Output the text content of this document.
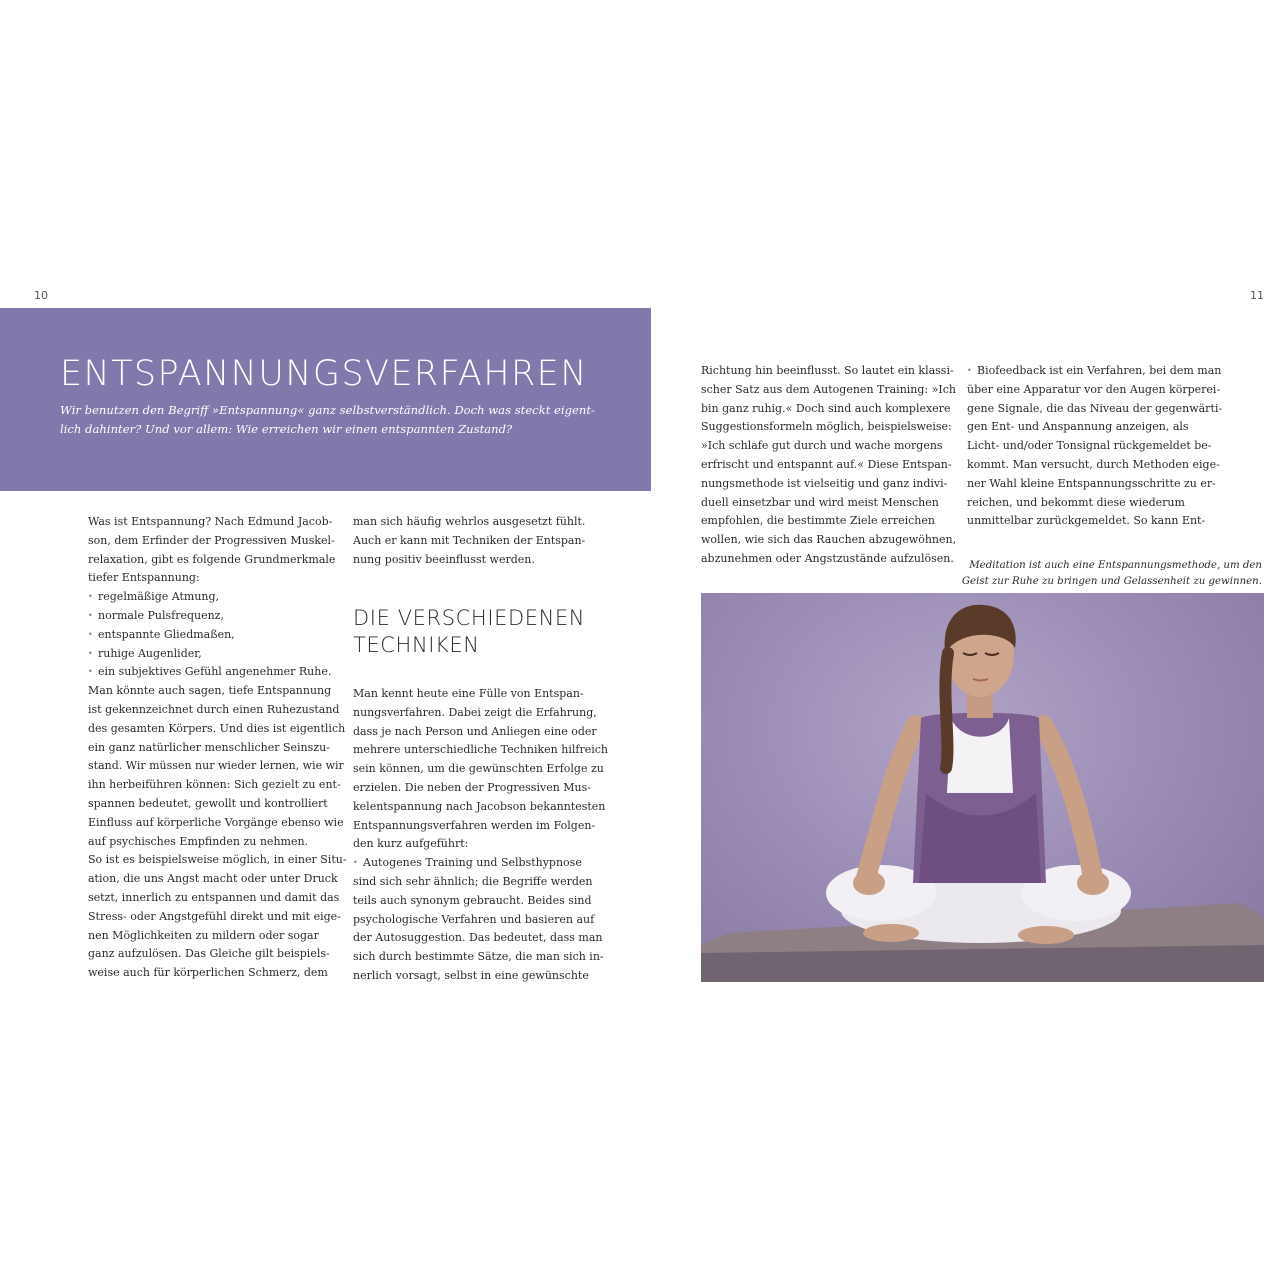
10	11
ENTSPANNUNGSVERFAHREN
Wir benutzen den Begriff »Entspannung« ganz selbstverständlich. Doch was steckt eigent-
lich dahinter? Und vor allem: Wie erreichen wir einen entspannten Zustand?
Was ist Entspannung? Nach Edmund Jacob-
son, dem Erfinder der Progressiven Muskel-
relaxation, gibt es folgende Grundmerkmale
tiefer Entspannung:
• regelmäßige Atmung,
• normale Pulsfrequenz,
• entspannte Gliedmaßen,
• ruhige Augenlider,
• ein subjektives Gefühl angenehmer Ruhe.
Man könnte auch sagen, tiefe Entspannung
ist gekennzeichnet durch einen Ruhezustand
des gesamten Körpers. Und dies ist eigentlich
ein ganz natürlicher menschlicher Seinszu-
stand. Wir müssen nur wieder lernen, wie wir
ihn herbeiführen können: Sich gezielt zu ent-
spannen bedeutet, gewollt und kontrolliert
Einfluss auf körperliche Vorgänge ebenso wie
auf psychisches Empfinden zu nehmen.
So ist es beispielsweise möglich, in einer Situ-
ation, die uns Angst macht oder unter Druck
setzt, innerlich zu entspannen und damit das
Stress- oder Angstgefühl direkt und mit eige-
nen Möglichkeiten zu mildern oder sogar
ganz aufzulösen. Das Gleiche gilt beispiels-
weise auch für körperlichen Schmerz, dem
man sich häufig wehrlos ausgesetzt fühlt.
Auch er kann mit Techniken der Entspan-
nung positiv beeinflusst werden.
DIE VERSCHIEDENEN
TECHNIKEN
Man kennt heute eine Fülle von Entspan-
nungsverfahren. Dabei zeigt die Erfahrung,
dass je nach Person und Anliegen eine oder
mehrere unterschiedliche Techniken hilfreich
sein können, um die gewünschten Erfolge zu
erzielen. Die neben der Progressiven Mus-
kelentspannung nach Jacobson bekanntesten
Entspannungsverfahren werden im Folgen-
den kurz aufgeführt:
• Autogenes Training und Selbsthypnose
sind sich sehr ähnlich; die Begriffe werden
teils auch synonym gebraucht. Beides sind
psychologische Verfahren und basieren auf
der Autosuggestion. Das bedeutet, dass man
sich durch bestimmte Sätze, die man sich in-
nerlich vorsagt, selbst in eine gewünschte
Richtung hin beeinflusst. So lautet ein klassi-
scher Satz aus dem Autogenen Training: »Ich
bin ganz ruhig.« Doch sind auch komplexere
Suggestionsformeln möglich, beispielsweise:
»Ich schlafe gut durch und wache morgens
erfrischt und entspannt auf.« Diese Entspan-
nungsmethode ist vielseitig und ganz indivi-
duell einsetzbar und wird meist Menschen
empfohlen, die bestimmte Ziele erreichen
wollen, wie sich das Rauchen abzugewöhnen,
abzunehmen oder Angstzustände aufzulösen.
• Biofeedback ist ein Verfahren, bei dem man
über eine Apparatur vor den Augen körperei-
gene Signale, die das Niveau der gegenwärti-
gen Ent- und Anspannung anzeigen, als
Licht- und/oder Tonsignal rückgemeldet be-
kommt. Man versucht, durch Methoden eige-
ner Wahl kleine Entspannungsschritte zu er-
reichen, und bekommt diese wiederum
unmittelbar zurückgemeldet. So kann Ent-
Meditation ist auch eine Entspannungsmethode, um den
Geist zur Ruhe zu bringen und Gelassenheit zu gewinnen.
